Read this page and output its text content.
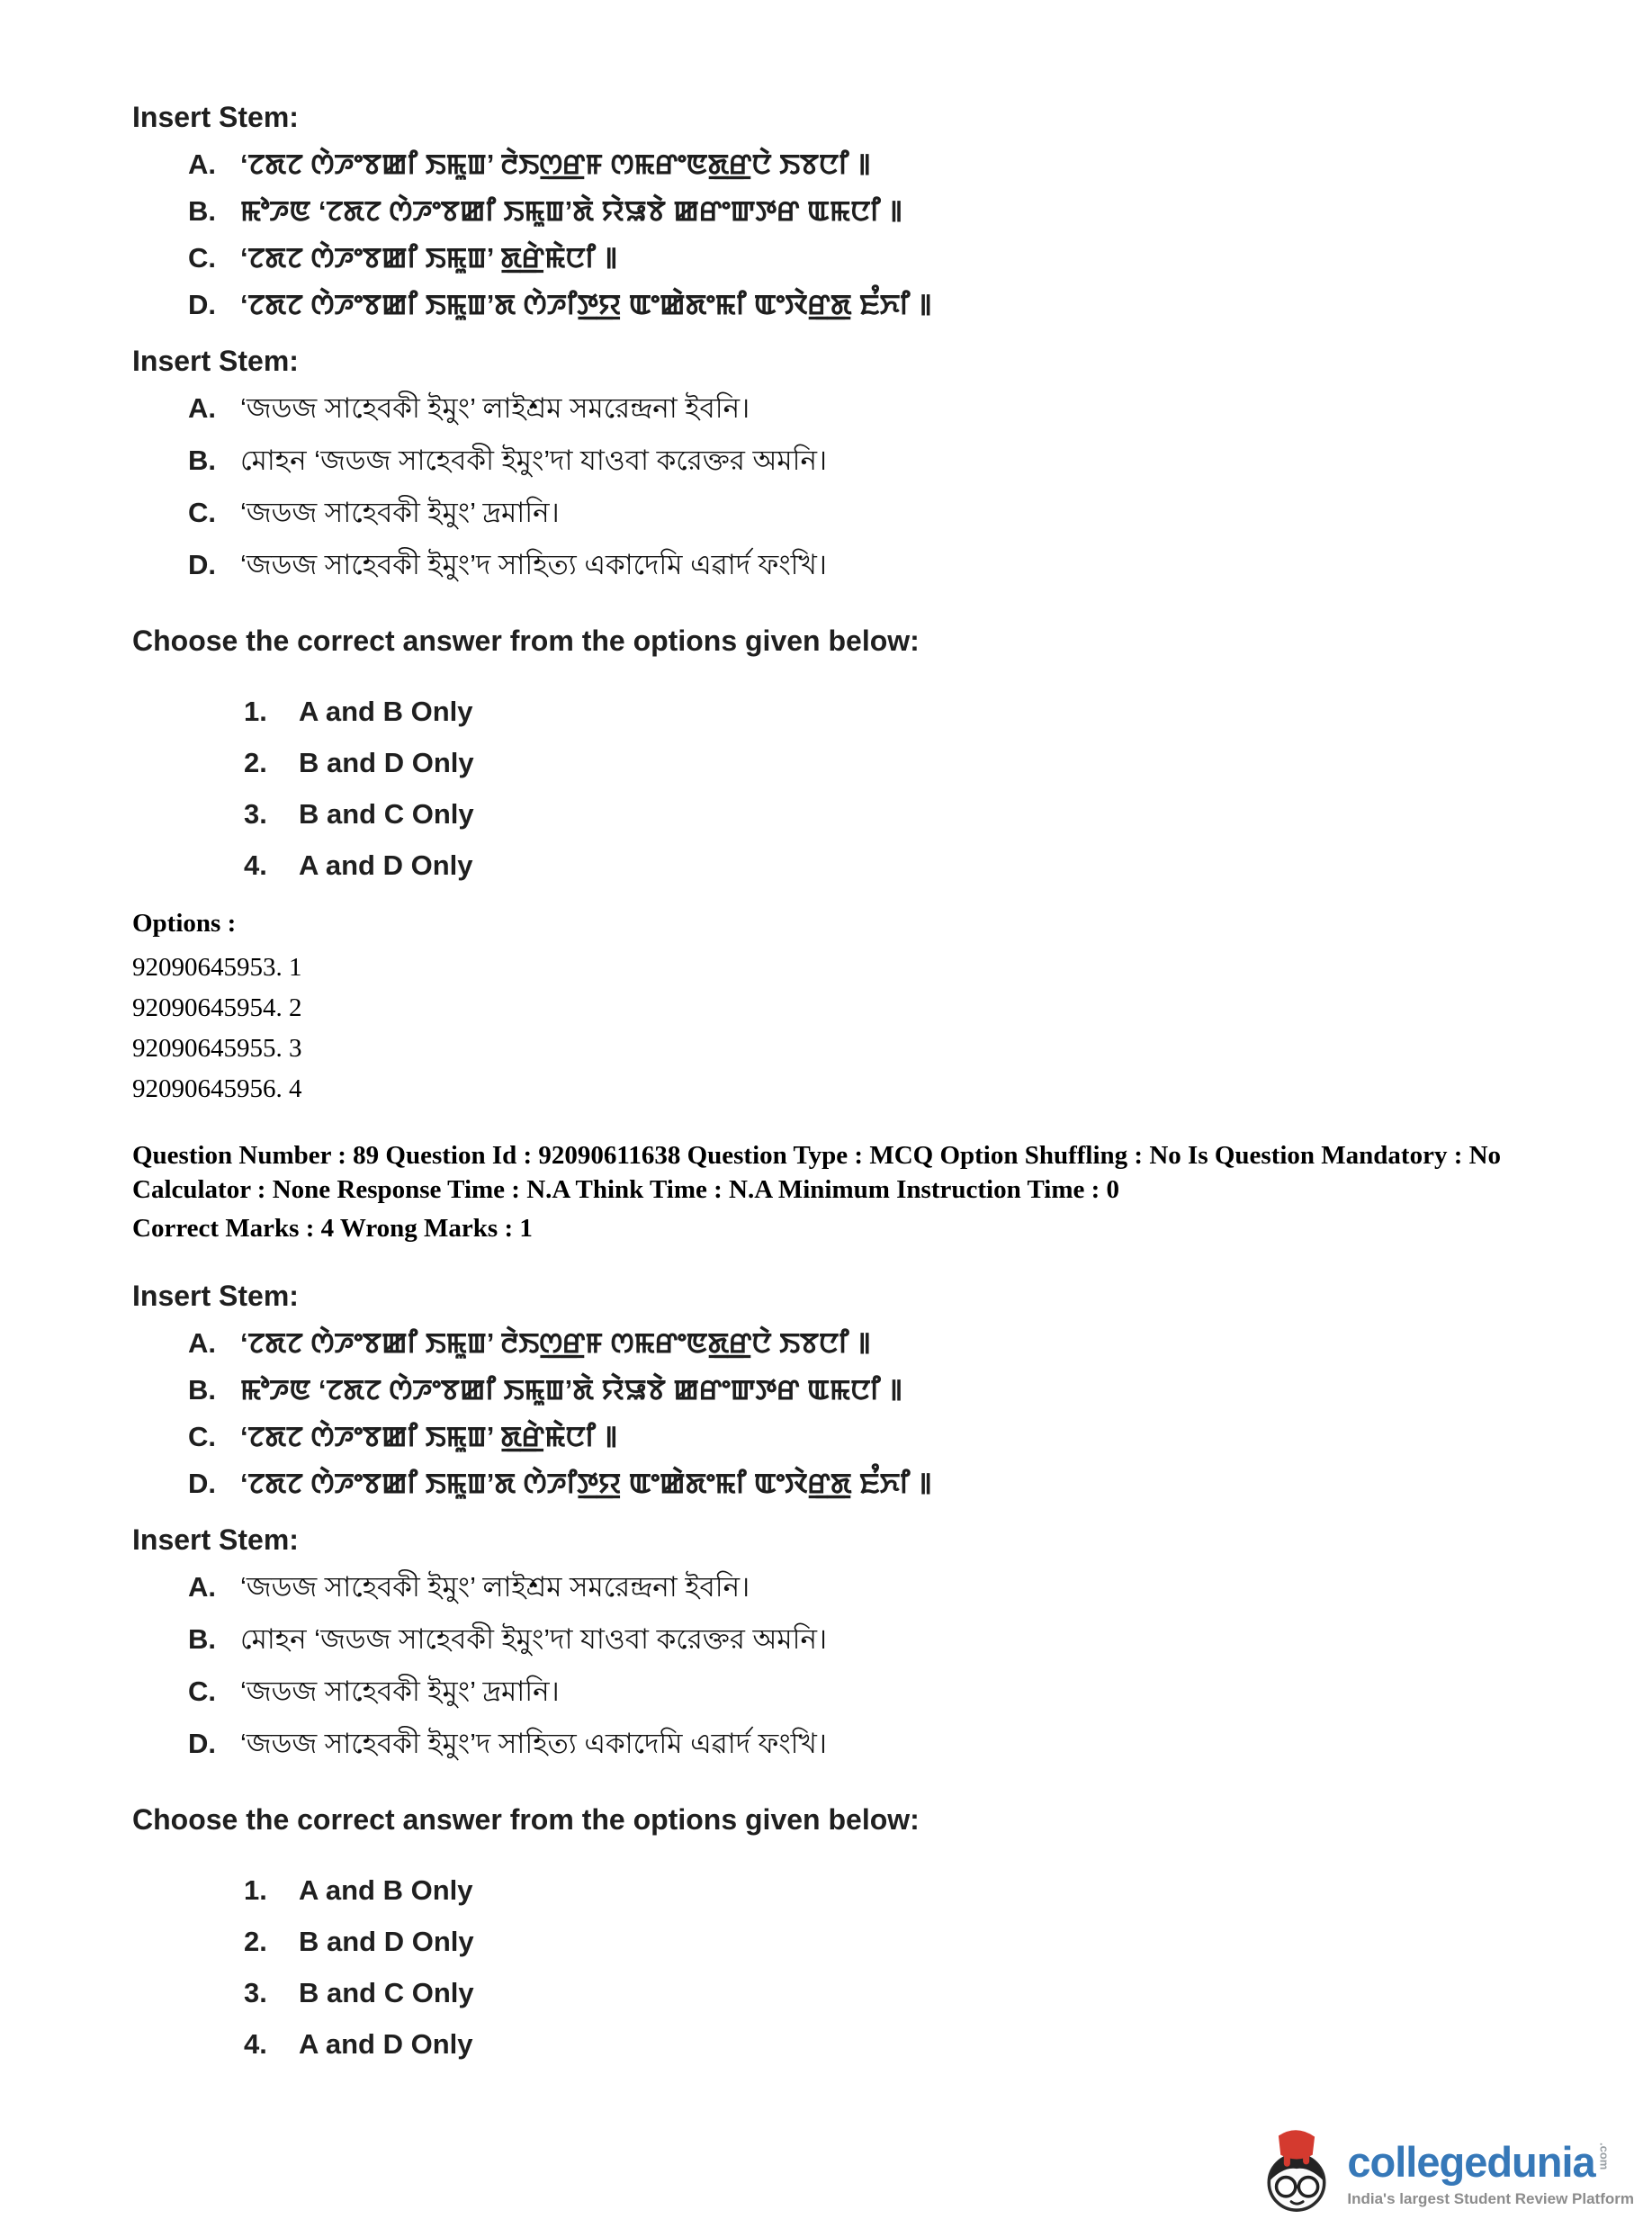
Insert Stem:
A. ‘ꯖꯗꯖ ꯁꯥꯍꯦꯕꯀꯤ ꯏꯃꯨꯡ’ ꯂꯥꯏꯁ꯭ꯔꯝ ꯁꯃꯔꯦꯟꯗ꯭ꯔꯅꯥ ꯏꯕꯅꯤ ꯫
B. ꯃꯣꯍꯟ ‘ꯖꯗꯖ ꯁꯥꯍꯦꯕꯀꯤ ꯏꯃꯨꯡ’ꯗꯥ ꯌꯥꯎꯕꯥ ꯀꯔꯦꯛꯇꯔ ꯑꯃꯅꯤ ꯫
C. ‘ꯖꯗꯖ ꯁꯥꯍꯦꯕꯀꯤ ꯏꯃꯨꯡ’ ꯗ꯭ꯔꯥꯃꯥꯅꯤ ꯫
D. ‘ꯖꯗꯖ ꯁꯥꯍꯦꯕꯀꯤ ꯏꯃꯨꯡ’ꯗ ꯁꯥꯍꯤꯇ꯭ꯌ ꯑꯦꯀꯥꯗꯦꯃꯤ ꯑꯦꯋꯥꯔ꯭ꯗ ꯐꯪꯈꯤ ꯫
Insert Stem:
A. ‘জডজ সাহেবকী ইমুং’ লাইশ্রম সমরেন্দ্রনা ইবনি।
B. মোহন ‘জডজ সাহেবকী ইমুং’দা যাওবা করেক্তর অমনি।
C. ‘জডজ সাহেবকী ইমুং’ দ্রমানি।
D. ‘জডজ সাহেবকী ইমুং’দ সাহিত্য একাদেমি এৱার্দ ফংখি।
Choose the correct answer from the options given below:
1.	A and B Only
2.	B and D Only
3.	B and C Only
4.	A and D Only
Options :
92090645953. 1
92090645954. 2
92090645955. 3
92090645956. 4

Question Number : 89 Question Id : 92090611638 Question Type : MCQ Option Shuffling : No Is Question Mandatory : No Calculator : None Response Time : N.A Think Time : N.A Minimum Instruction Time : 0

Correct Marks : 4 Wrong Marks : 1

Insert Stem:
A. ‘ꯖꯗꯖ ꯁꯥꯍꯦꯕꯀꯤ ꯏꯃꯨꯡ’ ꯂꯥꯏꯁ꯭ꯔꯝ ꯁꯃꯔꯦꯟꯗ꯭ꯔꯅꯥ ꯏꯕꯅꯤ ꯫
B. ꯃꯣꯍꯟ ‘ꯖꯗꯖ ꯁꯥꯍꯦꯕꯀꯤ ꯏꯃꯨꯡ’ꯗꯥ ꯌꯥꯎꯕꯥ ꯀꯔꯦꯛꯇꯔ ꯑꯃꯅꯤ ꯫
C. ‘ꯖꯗꯖ ꯁꯥꯍꯦꯕꯀꯤ ꯏꯃꯨꯡ’ ꯗ꯭ꯔꯥꯃꯥꯅꯤ ꯫
D. ‘ꯖꯗꯖ ꯁꯥꯍꯦꯕꯀꯤ ꯏꯃꯨꯡ’ꯗ ꯁꯥꯍꯤꯇ꯭ꯌ ꯑꯦꯀꯥꯗꯦꯃꯤ ꯑꯦꯋꯥꯔ꯭ꯗ ꯐꯪꯈꯤ ꯫
Insert Stem:
A. ‘জডজ সাহেবকী ইমুং’ লাইশ্রম সমরেন্দ্রনা ইবনি।
B. মোহন ‘জডজ সাহেবকী ইমুং’দা যাওবা করেক্তর অমনি।
C. ‘জডজ সাহেবকী ইমুং’ দ্রমানি।
D. ‘জডজ সাহেবকী ইমুং’দ সাহিত্য একাদেমি এৱার্দ ফংখি।
Choose the correct answer from the options given below:
1.	A and B Only
2.	B and D Only
3.	B and C Only
4.	A and D Only
collegedunia .com
India's largest Student Review Platform
